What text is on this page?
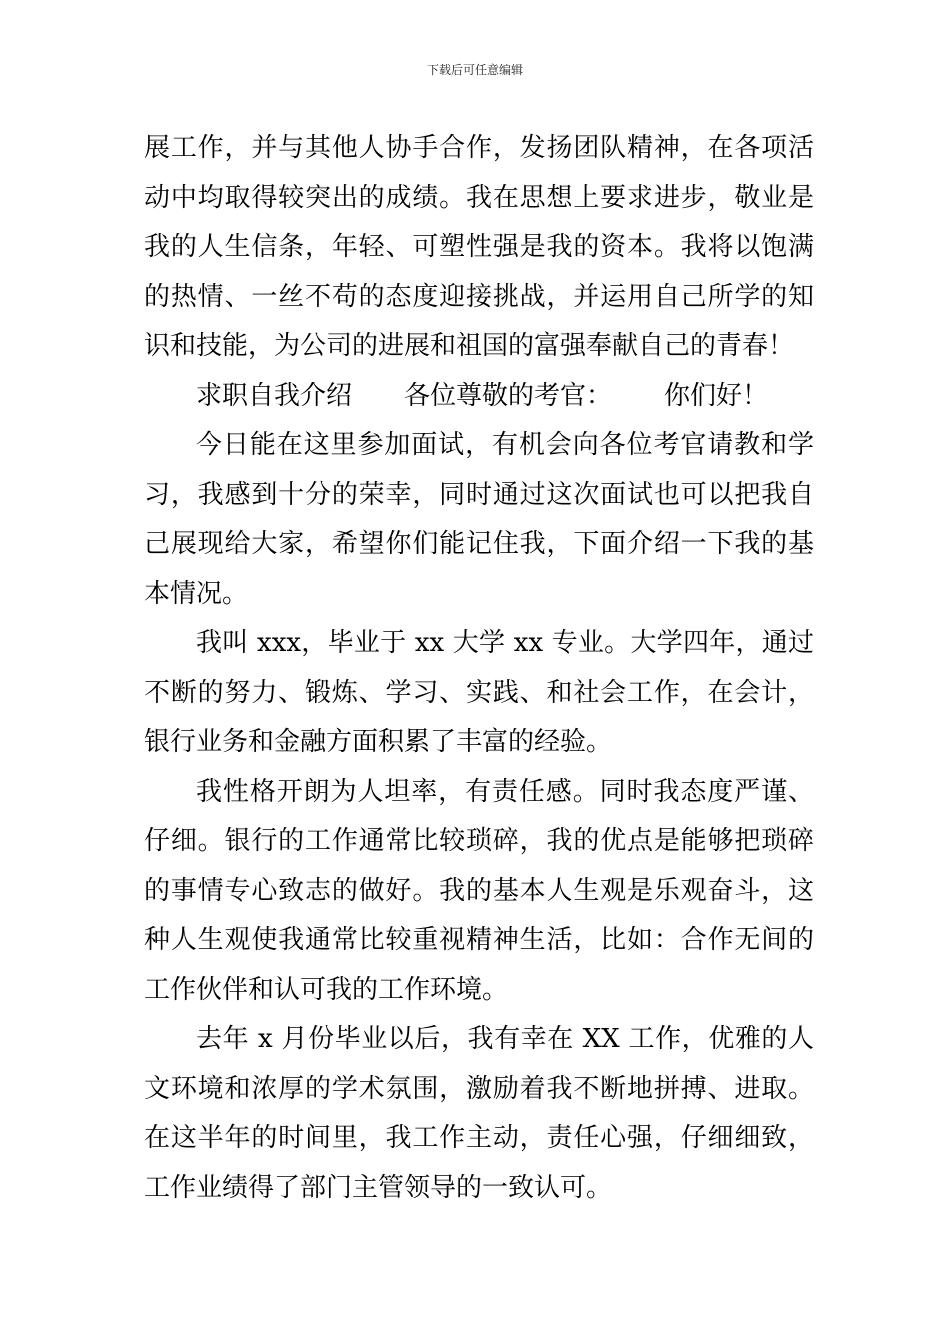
下载后可任意编辑

展工作，并与其他人协手合作，发扬团队精神，在各项活动中均取得较突出的成绩。我在思想上要求进步，敬业是我的人生信条，年轻、可塑性强是我的资本。我将以饱满的热情、一丝不苟的态度迎接挑战，并运用自己所学的知识和技能，为公司的进展和祖国的富强奉献自己的青春！

求职自我介绍 各位尊敬的考官： 你们好！

今日能在这里参加面试，有机会向各位考官请教和学习，我感到十分的荣幸，同时通过这次面试也可以把我自己展现给大家，希望你们能记住我，下面介绍一下我的基本情况。

我叫 xxx，毕业于 xx 大学 xx 专业。大学四年，通过不断的努力、锻炼、学习、实践、和社会工作，在会计，银行业务和金融方面积累了丰富的经验。

我性格开朗为人坦率，有责任感。同时我态度严谨、仔细。银行的工作通常比较琐碎，我的优点是能够把琐碎的事情专心致志的做好。我的基本人生观是乐观奋斗，这种人生观使我通常比较重视精神生活，比如：合作无间的工作伙伴和认可我的工作环境。

去年 x 月份毕业以后，我有幸在 XX 工作，优雅的人文环境和浓厚的学术氛围，激励着我不断地拼搏、进取。在这半年的时间里，我工作主动，责任心强，仔细细致，工作业绩得了部门主管领导的一致认可。
